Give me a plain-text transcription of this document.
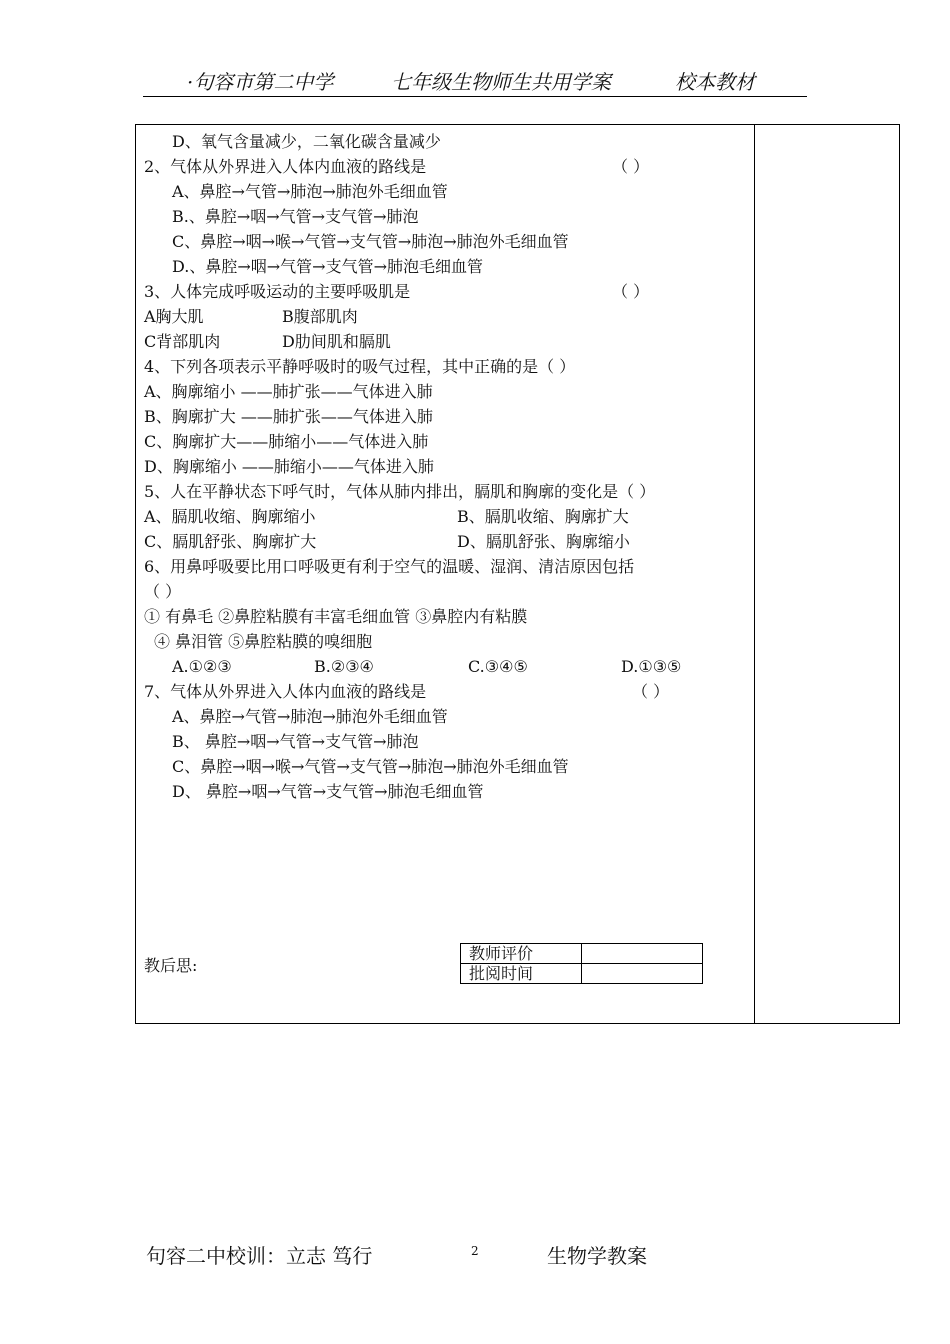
·句容市第二中学	七年级生物师生共用学案	校本教材
D、氧气含量减少，二氧化碳含量减少
2、气体从外界进入人体内血液的路线是	（ ）
A、鼻腔→气管→肺泡→肺泡外毛细血管
B.、鼻腔→咽→气管→支气管→肺泡
C、鼻腔→咽→喉→气管→支气管→肺泡→肺泡外毛细血管
D.、鼻腔→咽→气管→支气管→肺泡毛细血管
3、人体完成呼吸运动的主要呼吸肌是	（ ）
A胸大肌	B腹部肌肉
C背部肌肉	D肋间肌和膈肌
4、下列各项表示平静呼吸时的吸气过程，其中正确的是（ ）
A、胸廓缩小 ——肺扩张——气体进入肺
B、胸廓扩大 ——肺扩张——气体进入肺
C、胸廓扩大——肺缩小——气体进入肺
D、胸廓缩小 ——肺缩小——气体进入肺
5、人在平静状态下呼气时，气体从肺内排出，膈肌和胸廓的变化是（ ）
A、膈肌收缩、胸廓缩小	B、膈肌收缩、胸廓扩大
C、膈肌舒张、胸廓扩大	D、膈肌舒张、胸廓缩小
6、用鼻呼吸要比用口呼吸更有利于空气的温暖、湿润、清洁原因包括
（ ）
① 有鼻毛 ②鼻腔粘膜有丰富毛细血管 ③鼻腔内有粘膜
④ 鼻泪管 ⑤鼻腔粘膜的嗅细胞
A.①②③	B.②③④	C.③④⑤	D.①③⑤
7、气体从外界进入人体内血液的路线是	（ ）
A、鼻腔→气管→肺泡→肺泡外毛细血管
B、 鼻腔→咽→气管→支气管→肺泡
C、鼻腔→咽→喉→气管→支气管→肺泡→肺泡外毛细血管
D、 鼻腔→咽→气管→支气管→肺泡毛细血管
教后思:
教师评价	
批阅时间	
句容二中校训：立志 笃行	2	生物学教案
